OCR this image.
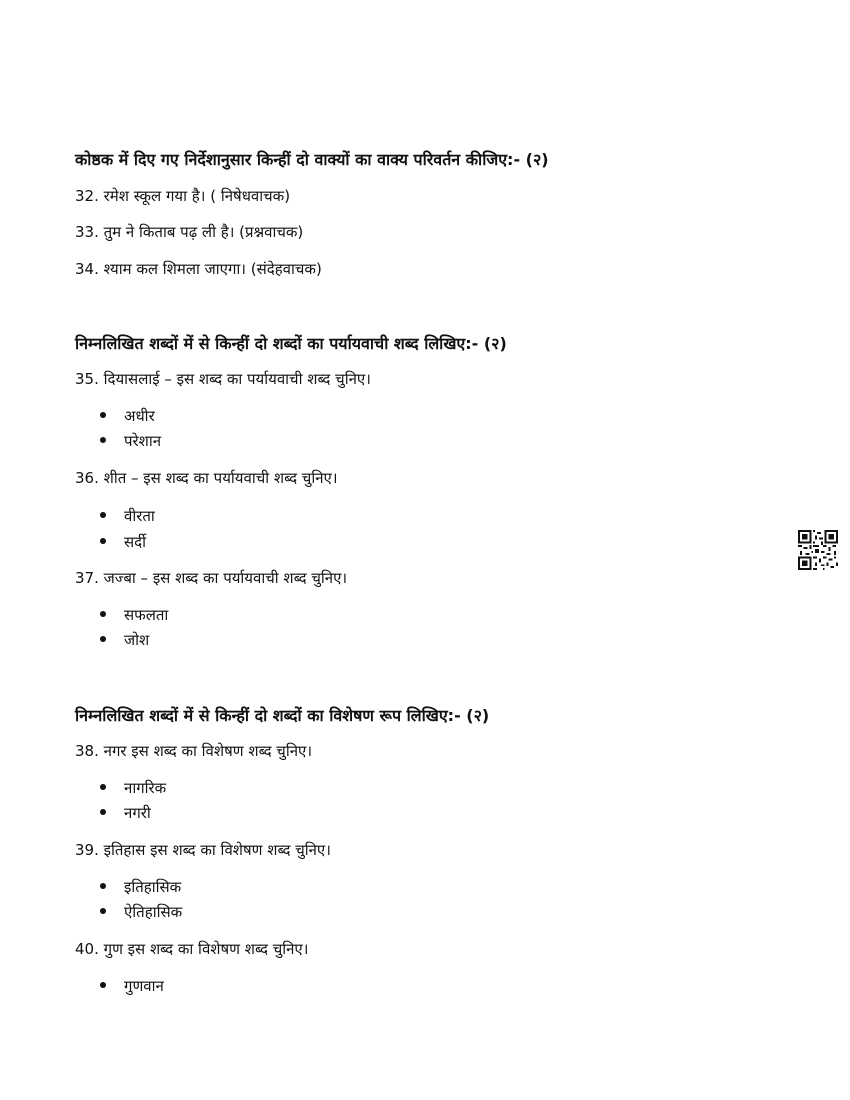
कोष्ठक में दिए गए निर्देशानुसार किन्हीं दो वाक्यों का वाक्य परिवर्तन कीजिए:- (२)
32. रमेश स्कूल गया है। ( निषेधवाचक)
33. तुम ने किताब पढ़ ली है। (प्रश्नवाचक)
34. श्याम कल शिमला जाएगा। (संदेहवाचक)
निम्नलिखित शब्दों में से किन्हीं दो शब्दों का पर्यायवाची शब्द लिखिए:- (२)
35. दियासलाई – इस शब्द का पर्यायवाची शब्द चुनिए।
अधीर
परेशान
36. शीत – इस शब्द का पर्यायवाची शब्द चुनिए।
वीरता
सर्दी
37. जज्बा – इस शब्द का पर्यायवाची शब्द चुनिए।
सफलता
जोश
निम्नलिखित शब्दों में से किन्हीं दो शब्दों का विशेषण रूप लिखिए:- (२)
38. नगर इस शब्द का विशेषण शब्द चुनिए।
नागरिक
नगरी
39. इतिहास इस शब्द का विशेषण शब्द चुनिए।
इतिहासिक
ऐतिहासिक
40. गुण इस शब्द का विशेषण शब्द चुनिए।
गुणवान
